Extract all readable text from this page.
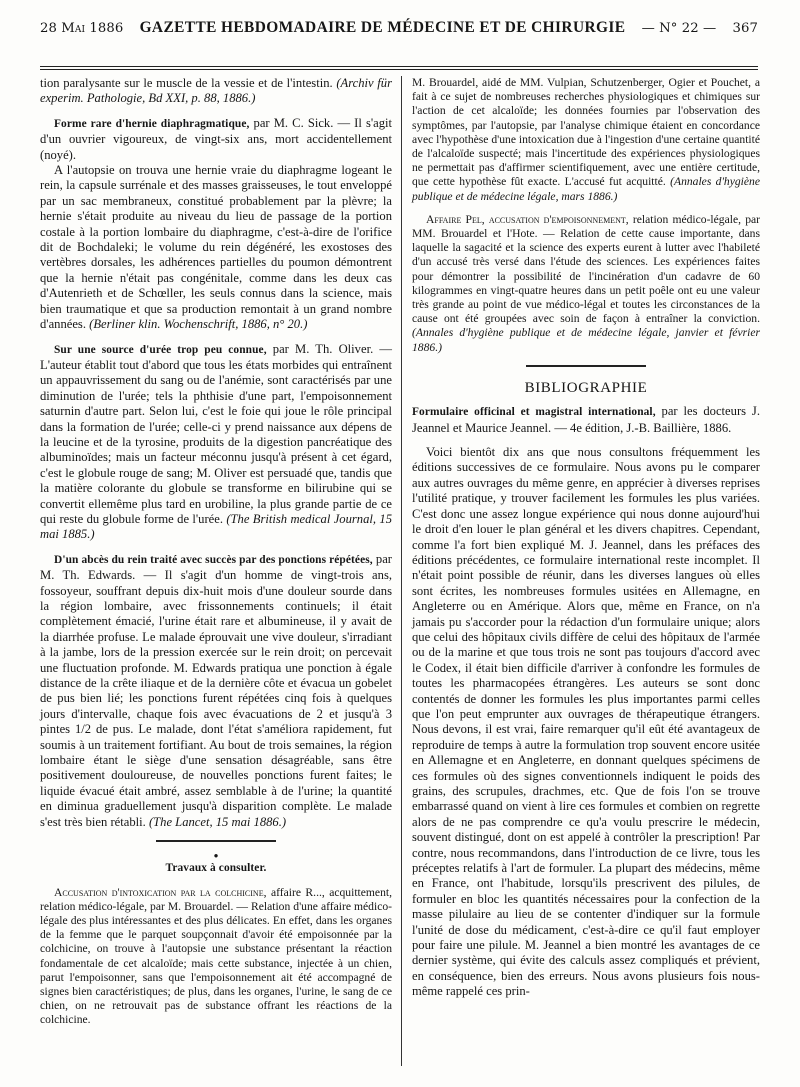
28 Mai 1886 GAZETTE HEBDOMADAIRE DE MÉDECINE ET DE CHIRURGIE — N° 22 — 367

tion paralysante sur le muscle de la vessie et de l'intestin. (Archiv für experim. Pathologie, Bd XXI, p. 88, 1886.)

Forme rare d'hernie diaphragmatique, par M. C. Sick. — Il s'agit d'un ouvrier vigoureux, de vingt-six ans, mort accidentellement (noyé).

A l'autopsie on trouva une hernie vraie du diaphragme logeant le rein, la capsule surrénale et des masses graisseuses, le tout enveloppé par un sac membraneux, constitué probablement par la plèvre; la hernie s'était produite au niveau du lieu de passage de la portion costale à la portion lombaire du diaphragme, c'est-à-dire de l'orifice dit de Bochdaleki; le volume du rein dégénéré, les exostoses des vertèbres dorsales, les adhérences partielles du poumon démontrent que la hernie n'était pas congénitale, comme dans les deux cas d'Autenrieth et de Schœller, les seuls connus dans la science, mais bien traumatique et que sa production remontait à un grand nombre d'années. (Berliner klin. Wochenschrift, 1886, n° 20.)

Sur une source d'urée trop peu connue, par M. Th. Oliver. — L'auteur établit tout d'abord que tous les états morbides qui entraînent un appauvrissement du sang ou de l'anémie, sont caractérisés par une diminution de l'urée; tels la phthisie d'une part, l'empoisonnement saturnin d'autre part. Selon lui, c'est le foie qui joue le rôle principal dans la formation de l'urée; celle-ci y prend naissance aux dépens de la leucine et de la tyrosine, produits de la digestion pancréatique des albuminoïdes; mais un facteur méconnu jusqu'à présent à cet égard, c'est le globule rouge de sang; M. Oliver est persuadé que, tandis que la matière colorante du globule se transforme en bilirubine qui se convertit ellemême plus tard en urobiline, la plus grande partie de ce qui reste du globule forme de l'urée. (The British medical Journal, 15 mai 1885.)

D'un abcès du rein traité avec succès par des ponctions répétées, par M. Th. Edwards. — Il s'agit d'un homme de vingt-trois ans, fossoyeur, souffrant depuis dix-huit mois d'une douleur sourde dans la région lombaire, avec frissonnements continuels; il était complètement émacié, l'urine était rare et albumineuse, il y avait de la diarrhée profuse. Le malade éprouvait une vive douleur, s'irradiant à la jambe, lors de la pression exercée sur le rein droit; on percevait une fluctuation profonde. M. Edwards pratiqua une ponction à égale distance de la crête iliaque et de la dernière côte et évacua un gobelet de pus bien lié; les ponctions furent répétées cinq fois à quelques jours d'intervalle, chaque fois avec évacuations de 2 et jusqu'à 3 pintes 1/2 de pus. Le malade, dont l'état s'améliora rapidement, fut soumis à un traitement fortifiant. Au bout de trois semaines, la région lombaire étant le siège d'une sensation désagréable, sans être positivement douloureuse, de nouvelles ponctions furent faites; le liquide évacué était ambré, assez semblable à de l'urine; la quantité en diminua graduellement jusqu'à disparition complète. Le malade s'est très bien rétabli. (The Lancet, 15 mai 1886.)

●

Travaux à consulter.

Accusation d'intoxication par la colchicine, affaire R..., acquittement, relation médico-légale, par M. Brouardel. — Relation d'une affaire médico-légale des plus intéressantes et des plus délicates. En effet, dans les organes de la femme que le parquet soupçonnait d'avoir été empoisonnée par la colchicine, on trouve à l'autopsie une substance présentant la réaction fondamentale de cet alcaloïde; mais cette substance, injectée à un chien, parut l'empoisonner, sans que l'empoisonnement ait été accompagné de signes bien caractéristiques; de plus, dans les organes, l'urine, le sang de ce chien, on ne retrouvait pas de substance offrant les réactions de la colchicine.

M. Brouardel, aidé de MM. Vulpian, Schutzenberger, Ogier et Pouchet, a fait à ce sujet de nombreuses recherches physiologiques et chimiques sur l'action de cet alcaloïde; les données fournies par l'observation des symptômes, par l'autopsie, par l'analyse chimique étaient en concordance avec l'hypothèse d'une intoxication due à l'ingestion d'une certaine quantité de l'alcaloïde suspecté; mais l'incertitude des expériences physiologiques ne permettait pas d'affirmer scientifiquement, avec une entière certitude, que cette hypothèse fût exacte. L'accusé fut acquitté. (Annales d'hygiène publique et de médecine légale, mars 1886.)

Affaire Pel, accusation d'empoisonnement, relation médico-légale, par MM. Brouardel et l'Hote. — Relation de cette cause importante, dans laquelle la sagacité et la science des experts eurent à lutter avec l'habileté d'un accusé très versé dans l'étude des sciences. Les expériences faites pour démontrer la possibilité de l'incinération d'un cadavre de 60 kilogrammes en vingt-quatre heures dans un petit poêle ont eu une valeur très grande au point de vue médico-légal et toutes les circonstances de la cause ont été groupées avec soin de façon à entraîner la conviction. (Annales d'hygiène publique et de médecine légale, janvier et février 1886.)

BIBLIOGRAPHIE

Formulaire officinal et magistral international, par les docteurs J. Jeannel et Maurice Jeannel. — 4e édition, J.-B. Baillière, 1886.

Voici bientôt dix ans que nous consultons fréquemment les éditions successives de ce formulaire. Nous avons pu le comparer aux autres ouvrages du même genre, en apprécier à diverses reprises l'utilité pratique, y trouver facilement les formules les plus variées. C'est donc une assez longue expérience qui nous donne aujourd'hui le droit d'en louer le plan général et les divers chapitres. Cependant, comme l'a fort bien expliqué M. J. Jeannel, dans les préfaces des éditions précédentes, ce formulaire international reste incomplet. Il n'était point possible de réunir, dans les diverses langues où elles sont écrites, les nombreuses formules usitées en Allemagne, en Angleterre ou en Amérique. Alors que, même en France, on n'a jamais pu s'accorder pour la rédaction d'un formulaire unique; alors que celui des hôpitaux civils diffère de celui des hôpitaux de l'armée ou de la marine et que tous trois ne sont pas toujours d'accord avec le Codex, il était bien difficile d'arriver à confondre les formules de toutes les pharmacopées étrangères. Les auteurs se sont donc contentés de donner les formules les plus importantes parmi celles que l'on peut emprunter aux ouvrages de thérapeutique étrangers. Nous devons, il est vrai, faire remarquer qu'il eût été avantageux de reproduire de temps à autre la formulation trop souvent encore usitée en Allemagne et en Angleterre, en donnant quelques spécimens de ces formules où des signes conventionnels indiquent le poids des grains, des scrupules, drachmes, etc. Que de fois l'on se trouve embarrassé quand on vient à lire ces formules et combien on regrette alors de ne pas comprendre ce qu'a voulu prescrire le médecin, souvent distingué, dont on est appelé à contrôler la prescription! Par contre, nous recommandons, dans l'introduction de ce livre, tous les préceptes relatifs à l'art de formuler. La plupart des médecins, même en France, ont l'habitude, lorsqu'ils prescrivent des pilules, de formuler en bloc les quantités nécessaires pour la confection de la masse pilulaire au lieu de se contenter d'indiquer sur la formule l'unité de dose du médicament, c'est-à-dire ce qu'il faut employer pour faire une pilule. M. Jeannel a bien montré les avantages de ce dernier système, qui évite des calculs assez compliqués et prévient, en conséquence, bien des erreurs. Nous avons plusieurs fois nous-même rappelé ces prin-
